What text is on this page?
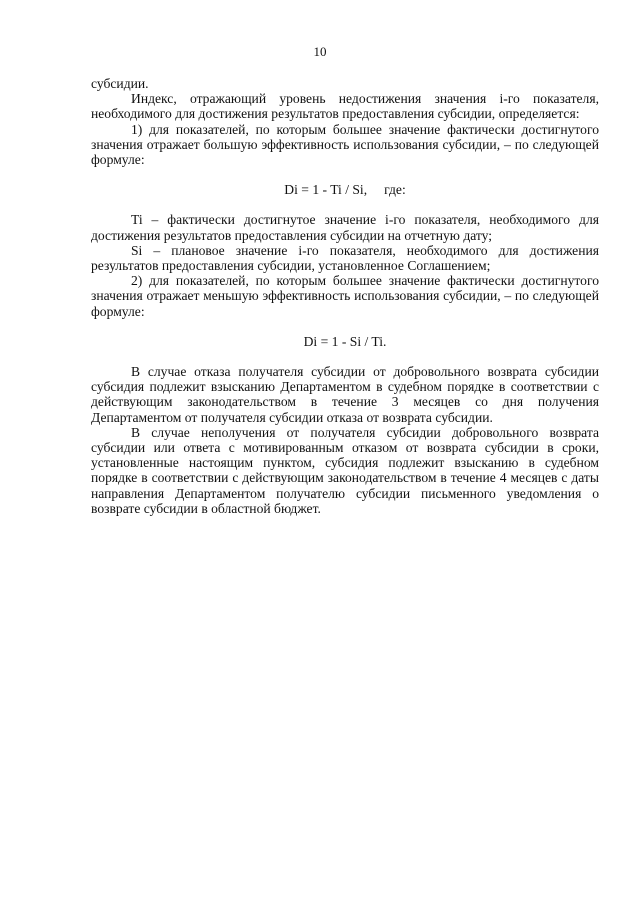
10

субсидии.

Индекс, отражающий уровень недостижения значения i-го показателя, необходимого для достижения результатов предоставления субсидии, определяется:

1) для показателей, по которым большее значение фактически достигнутого значения отражает большую эффективность использования субсидии, – по следующей формуле:

Di = 1 - Ti / Si,     где:

Ti – фактически достигнутое значение i-го показателя, необходимого для достижения результатов предоставления субсидии на отчетную дату;

Si – плановое значение i-го показателя, необходимого для достижения результатов предоставления субсидии, установленное Соглашением;

2) для показателей, по которым большее значение фактически достигнутого значения отражает меньшую эффективность использования субсидии, – по следующей формуле:

Di = 1 - Si / Ti.

В случае отказа получателя субсидии от добровольного возврата субсидии субсидия подлежит взысканию Департаментом в судебном порядке в соответствии с действующим законодательством в течение 3 месяцев со дня получения Департаментом от получателя субсидии отказа от возврата субсидии.

В случае неполучения от получателя субсидии добровольного возврата субсидии или ответа с мотивированным отказом от возврата субсидии в сроки, установленные настоящим пунктом, субсидия подлежит взысканию в судебном порядке в соответствии с действующим законодательством в течение 4 месяцев с даты направления Департаментом получателю субсидии письменного уведомления о возврате субсидии в областной бюджет.
